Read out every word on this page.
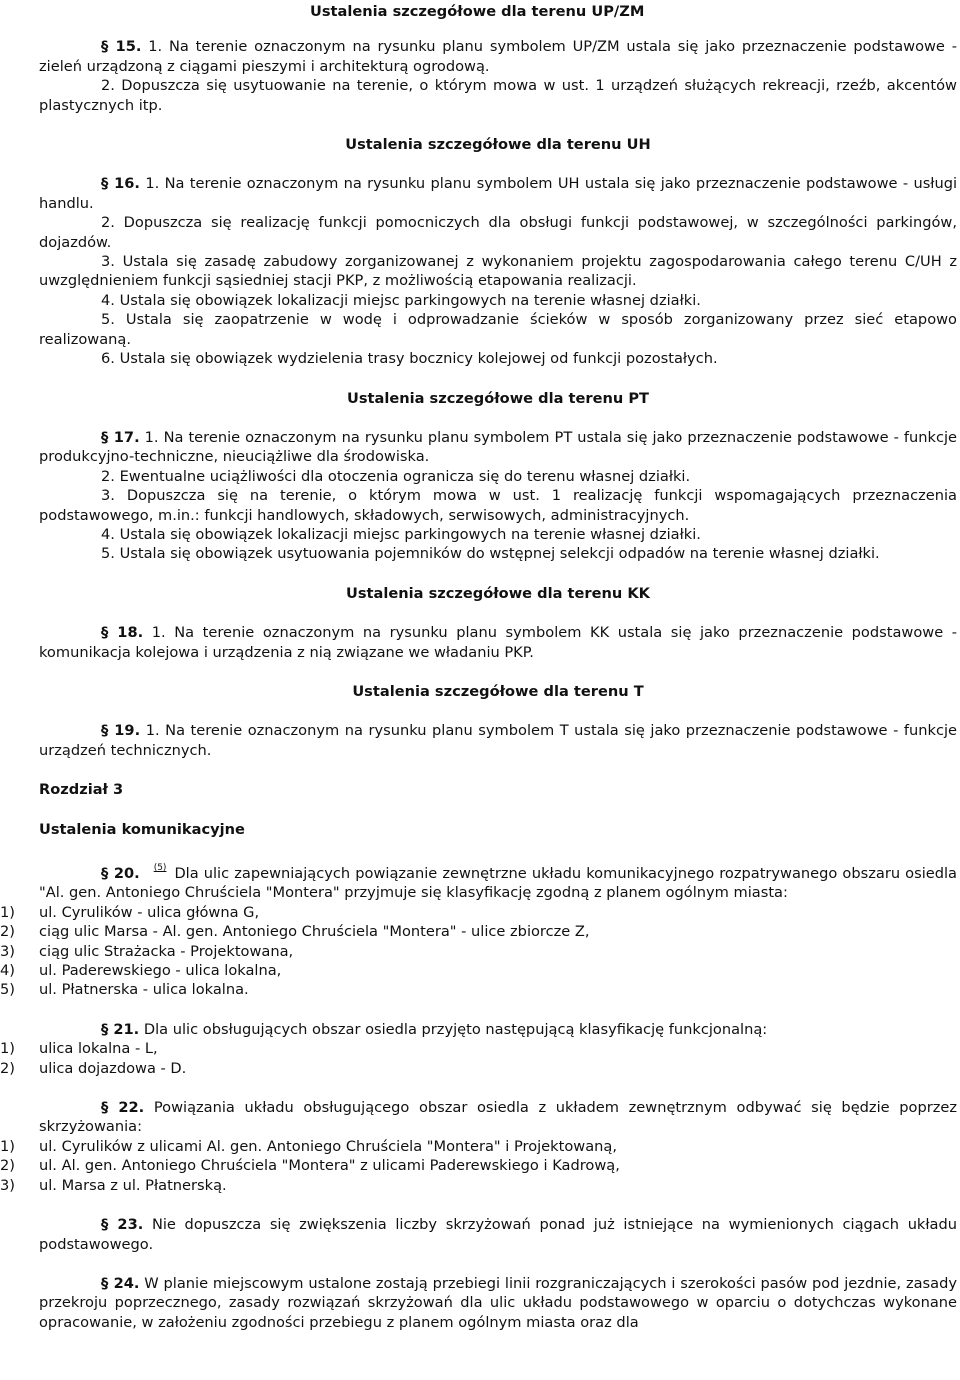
Ustalenia szczegółowe dla terenu UP/ZM

§ 15. 1. Na terenie oznaczonym na rysunku planu symbolem UP/ZM ustala się jako przeznaczenie podstawowe - zieleń urządzoną z ciągami pieszymi i architekturą ogrodową.

2. Dopuszcza się usytuowanie na terenie, o którym mowa w ust. 1 urządzeń służących rekreacji, rzeźb, akcentów plastycznych itp.

Ustalenia szczegółowe dla terenu UH

§ 16. 1. Na terenie oznaczonym na rysunku planu symbolem UH ustala się jako przeznaczenie podstawowe - usługi handlu.

2. Dopuszcza się realizację funkcji pomocniczych dla obsługi funkcji podstawowej, w szczególności parkingów, dojazdów.

3. Ustala się zasadę zabudowy zorganizowanej z wykonaniem projektu zagospodarowania całego terenu C/UH z uwzględnieniem funkcji sąsiedniej stacji PKP, z możliwością etapowania realizacji.

4. Ustala się obowiązek lokalizacji miejsc parkingowych na terenie własnej działki.

5. Ustala się zaopatrzenie w wodę i odprowadzanie ścieków w sposób zorganizowany przez sieć etapowo realizowaną.

6. Ustala się obowiązek wydzielenia trasy bocznicy kolejowej od funkcji pozostałych.

Ustalenia szczegółowe dla terenu PT

§ 17. 1. Na terenie oznaczonym na rysunku planu symbolem PT ustala się jako przeznaczenie podstawowe - funkcje produkcyjno-techniczne, nieuciążliwe dla środowiska.

2. Ewentualne uciążliwości dla otoczenia ogranicza się do terenu własnej działki.

3. Dopuszcza się na terenie, o którym mowa w ust. 1 realizację funkcji wspomagających przeznaczenia podstawowego, m.in.: funkcji handlowych, składowych, serwisowych, administracyjnych.

4. Ustala się obowiązek lokalizacji miejsc parkingowych na terenie własnej działki.

5. Ustala się obowiązek usytuowania pojemników do wstępnej selekcji odpadów na terenie własnej działki.

Ustalenia szczegółowe dla terenu KK

§ 18. 1. Na terenie oznaczonym na rysunku planu symbolem KK ustala się jako przeznaczenie podstawowe - komunikacja kolejowa i urządzenia z nią związane we władaniu PKP.

Ustalenia szczegółowe dla terenu T

§ 19. 1. Na terenie oznaczonym na rysunku planu symbolem T ustala się jako przeznaczenie podstawowe - funkcje urządzeń technicznych.

Rozdział 3

Ustalenia komunikacyjne

§ 20. $^{(5)}$ Dla ulic zapewniających powiązanie zewnętrzne układu komunikacyjnego rozpatrywanego obszaru osiedla "Al. gen. Antoniego Chruściela "Montera" przyjmuje się klasyfikację zgodną z planem ogólnym miasta:

1)	ul. Cyrulików - ulica główna G,
2)	ciąg ulic Marsa - Al. gen. Antoniego Chruściela "Montera" - ulice zbiorcze Z,
3)	ciąg ulic Strażacka - Projektowana,
4)	ul. Paderewskiego - ulica lokalna,
5)	ul. Płatnerska - ulica lokalna.

§ 21. Dla ulic obsługujących obszar osiedla przyjęto następującą klasyfikację funkcjonalną:

1)	ulica lokalna - L,
2)	ulica dojazdowa - D.

§ 22. Powiązania układu obsługującego obszar osiedla z układem zewnętrznym odbywać się będzie poprzez skrzyżowania:

1)	ul. Cyrulików z ulicami Al. gen. Antoniego Chruściela "Montera" i Projektowaną,
2)	ul. Al. gen. Antoniego Chruściela "Montera" z ulicami Paderewskiego i Kadrową,
3)	ul. Marsa z ul. Płatnerską.

§ 23. Nie dopuszcza się zwiększenia liczby skrzyżowań ponad już istniejące na wymienionych ciągach układu podstawowego.

§ 24. W planie miejscowym ustalone zostają przebiegi linii rozgraniczających i szerokości pasów pod jezdnie, zasady przekroju poprzecznego, zasady rozwiązań skrzyżowań dla ulic układu podstawowego w oparciu o dotychczas wykonane opracowanie, w założeniu zgodności przebiegu z planem ogólnym miasta oraz dla
